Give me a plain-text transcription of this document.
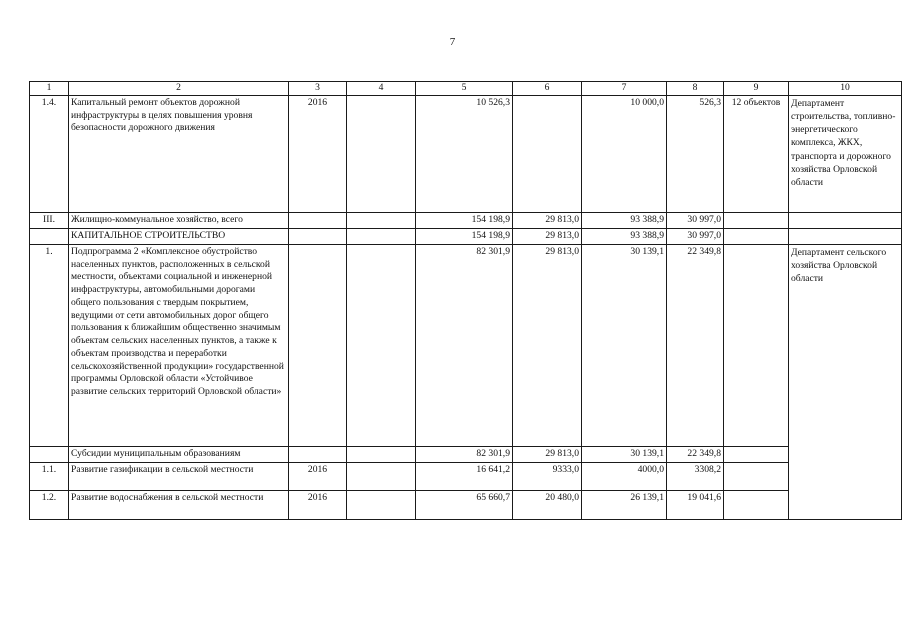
7
1	2	3	4	5	6	7	8	9	10
1.4.	Капитальный ремонт объектов дорожной инфраструктуры в целях повышения уровня безопасности дорожного движения	2016		10 526,3		10 000,0	526,3	12 объектов	Департамент строительства, топливно-энергетического комплекса, ЖКХ, транспорта и дорожного хозяйства Орловской области
III.	Жилищно-коммунальное хозяйство, всего			154 198,9	29 813,0	93 388,9	30 997,0		
	КАПИТАЛЬНОЕ СТРОИТЕЛЬСТВО			154 198,9	29 813,0	93 388,9	30 997,0		
1.	Подпрограмма 2 «Комплексное обустройство населенных пунктов, расположенных в сельской местности, объектами социальной и инженерной инфраструктуры, автомобильными дорогами общего пользования с твердым покрытием, ведущими от сети автомобильных дорог общего пользования к ближайшим общественно значимым объектам сельских населенных пунктов, а также к объектам производства и переработки сельскохозяйственной продукции» государственной программы Орловской области «Устойчивое развитие сельских территорий Орловской области»			82 301,9	29 813,0	30 139,1	22 349,8		Департамент сельского хозяйства Орловской области
	Субсидии муниципальным образованиям			82 301,9	29 813,0	30 139,1	22 349,8		
1.1.	Развитие газификации в сельской местности	2016		16 641,2	9333,0	4000,0	3308,2		
1.2.	Развитие водоснабжения в сельской местности	2016		65 660,7	20 480,0	26 139,1	19 041,6		
